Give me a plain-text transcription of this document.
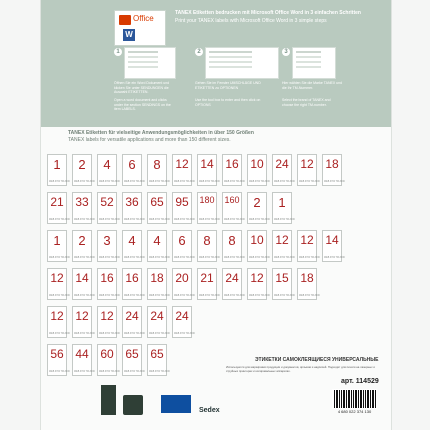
Office
W
TANEX Etiketten bedrucken mit Microsoft Office Word in 3 einfachen Schritten
Print your TANEX labels with Microsoft Office Word in 3 simple steps
1
Öffnen Sie ein Word Dokument und klicken Sie unter SENDUNGEN die Auswahl ETIKETTEN.
Open a word document and clicks under the section SENDINGS on the item LABELS.
2
Gehen Sie im Fenster UMSCHLÄGE UND ETIKETTEN zu OPTIONEN
Use the tool box to enter and then click on OPTIONS
3
Hier wählen Sie die Marke TANEX und die Ihr TM-Nummer.
Select the brand of TANEX and choose the right TM-number.
TANEX Etiketten für vielseitige Anwendungsmöglichkeiten in über 150 Größen
TANEX labels for versatile applications and more than 150 different sizes.
1
WEB 3700 TM-3000
2
WEB 3700 TM-3000
4
WEB 3700 TM-3000
6
WEB 3700 TM-3000
8
WEB 3700 TM-3000
12
WEB 3700 TM-3000
14
WEB 3700 TM-3000
16
WEB 3700 TM-3000
10
WEB 3700 TM-3000
24
WEB 3700 TM-3000
12
WEB 3700 TM-3000
18
WEB 3700 TM-3000
21
WEB 3700 TM-3000
33
WEB 3700 TM-3000
52
WEB 3700 TM-3000
36
WEB 3700 TM-3000
65
WEB 3700 TM-3000
95
WEB 3700 TM-3000
180
WEB 3700 TM-3000
160
WEB 3700 TM-3000
2
WEB 3700 TM-3000
1
WEB 3700 TM-3000
1
WEB 3700 TM-3000
2
WEB 3700 TM-3000
3
WEB 3700 TM-3000
4
WEB 3700 TM-3000
4
WEB 3700 TM-3000
6
WEB 3700 TM-3000
8
WEB 3700 TM-3000
8
WEB 3700 TM-3000
10
WEB 3700 TM-3000
12
WEB 3700 TM-3000
12
WEB 3700 TM-3000
14
WEB 3700 TM-3000
12
WEB 3700 TM-3000
14
WEB 3700 TM-3000
16
WEB 3700 TM-3000
16
WEB 3700 TM-3000
18
WEB 3700 TM-3000
20
WEB 3700 TM-3000
21
WEB 3700 TM-3000
24
WEB 3700 TM-3000
12
WEB 3700 TM-3000
15
WEB 3700 TM-3000
18
WEB 3700 TM-3000
12
WEB 3700 TM-3000
12
WEB 3700 TM-3000
12
WEB 3700 TM-3000
24
WEB 3700 TM-3000
24
WEB 3700 TM-3000
24
WEB 3700 TM-3000
56
WEB 3700 TM-3000
44
WEB 3700 TM-3000
60
WEB 3700 TM-3000
65
WEB 3700 TM-3000
65
WEB 3700 TM-3000
ЭТИКЕТКИ САМОКЛЕЯЩИЕСЯ УНИВЕРСАЛЬНЫЕ
Используются для маркировки продукции и документов, ярлыков и надписей. Подходят для печати на лазерных и струйных принтерах и копировальных аппаратах.
арт. 114529
4 680 022 374 130
Sedex
